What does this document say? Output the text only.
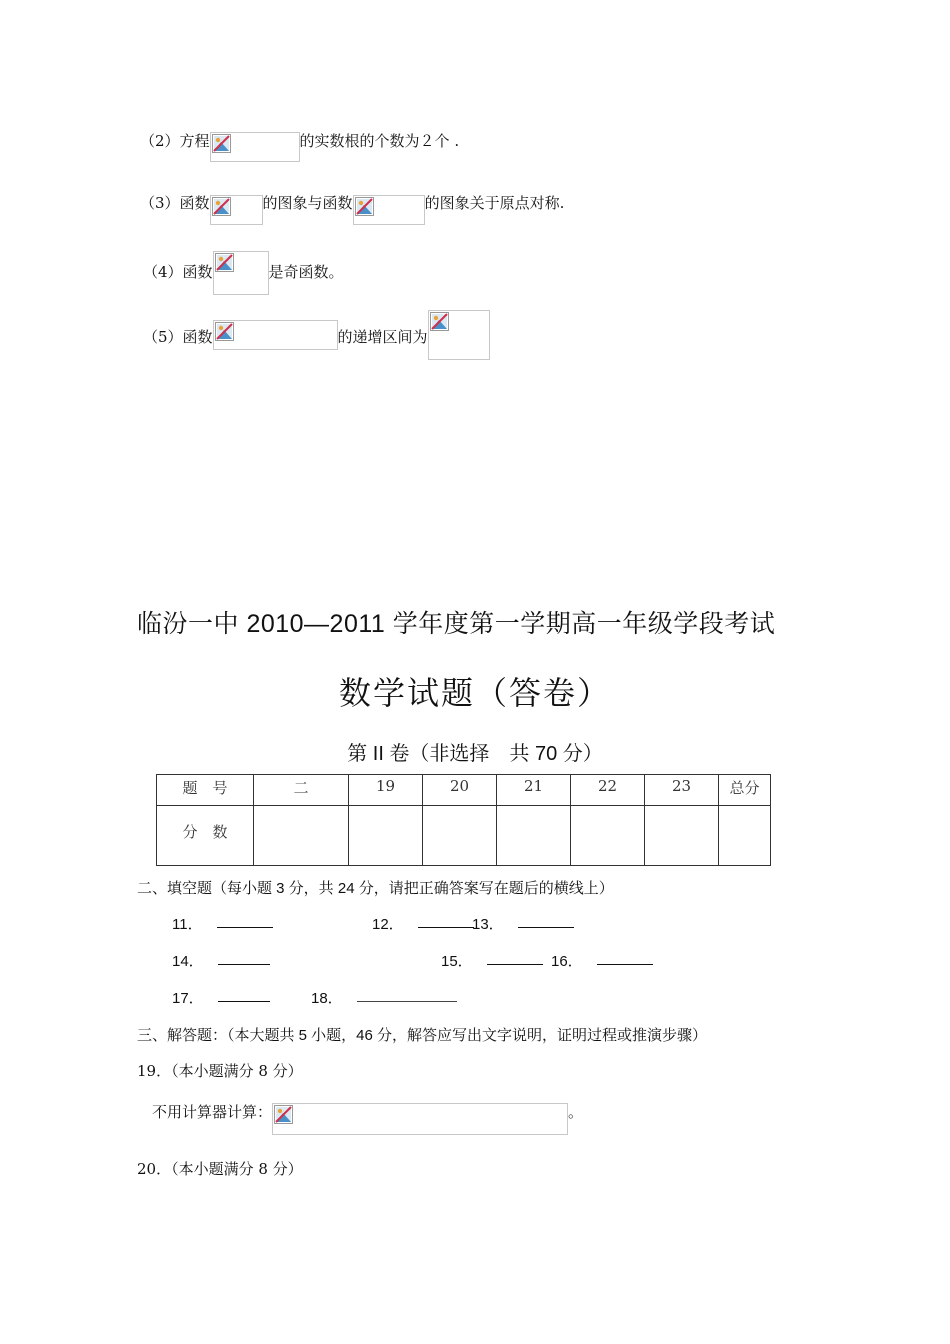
（2）方程	的实数根的个数为２个 .
（3）函数	的图象与函数	的图象关于原点对称.
（4）函数	是奇函数。
（5）函数	的递增区间为
临汾一中 2010—2011 学年度第一学期高一年级学段考试
数学试题（答卷）
第 II 卷（非选择　共 70 分）
题　号	二	19	20	21	22	23	总分
分　数							
二、填空题（每小题 3 分，共 24 分，请把正确答案写在题后的横线上）
11．	12．	13．
14．	15．	16．
17．	18．
三、解答题：（本大题共 5 小题，46 分，解答应写出文字说明，证明过程或推演步骤）
19．（本小题满分 8 分）
不用计算器计算：	。
20．（本小题满分 8 分）
